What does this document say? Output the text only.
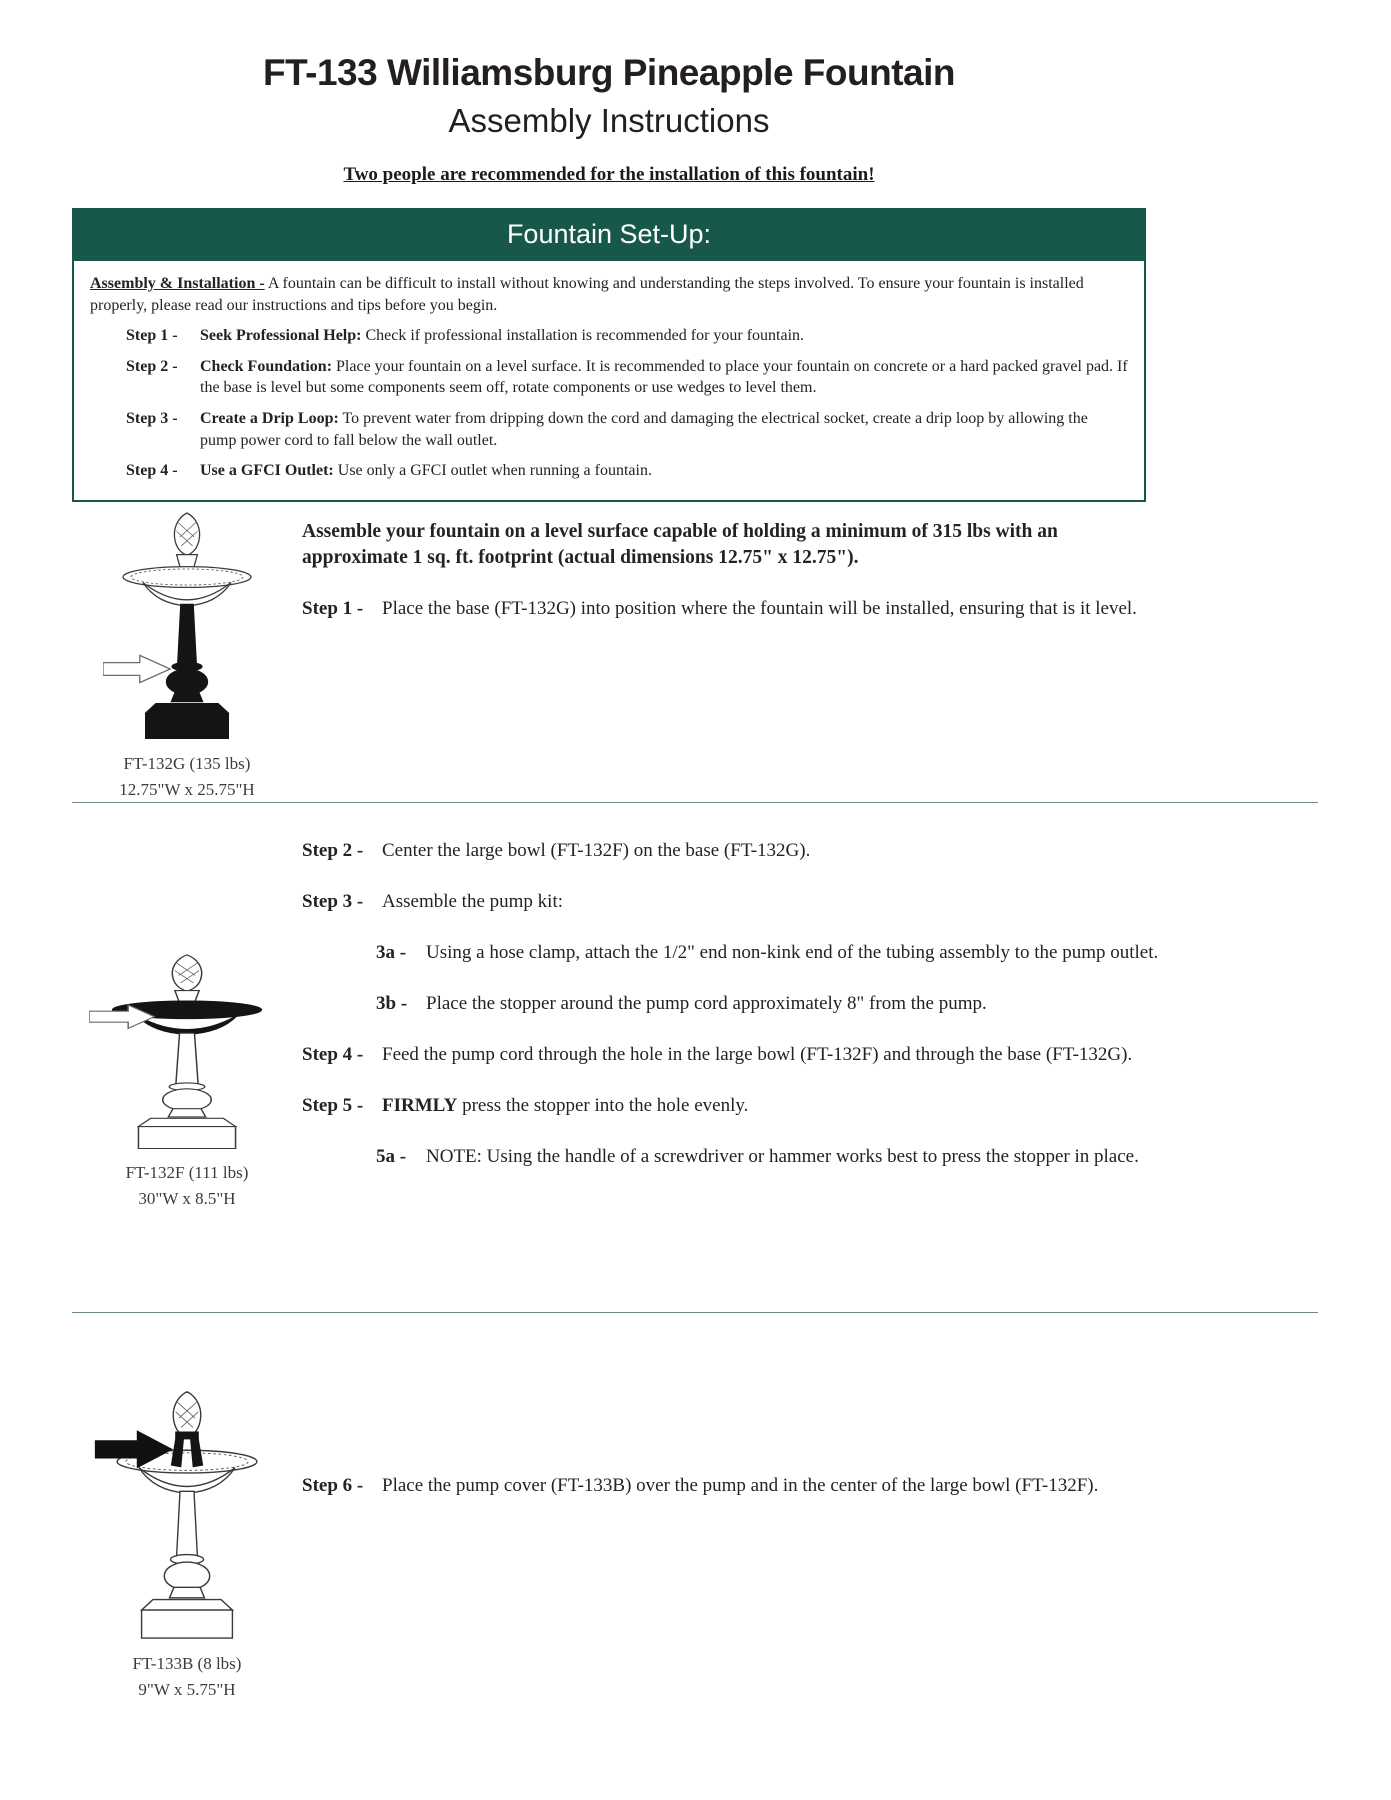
FT-133 Williamsburg Pineapple Fountain
Assembly Instructions

Two people are recommended for the installation of this fountain!

Fountain Set-Up:

Assembly & Installation - A fountain can be difficult to install without knowing and understanding the steps involved. To ensure your fountain is installed properly, please read our instructions and tips before you begin.

Step 1 -	Seek Professional Help: Check if professional installation is recommended for your fountain.

Step 2 -	Check Foundation: Place your fountain on a level surface. It is recommended to place your fountain on concrete or a hard packed gravel pad. If the base is level but some components seem off, rotate components or use wedges to level them.

Step 3 -	Create a Drip Loop: To prevent water from dripping down the cord and damaging the electrical socket, create a drip loop by allowing the pump power cord to fall below the wall outlet.

Step 4 -	Use a GFCI Outlet: Use only a GFCI outlet when running a fountain.

FT-132G (135 lbs)
12.75"W x 25.75"H

Assemble your fountain on a level surface capable of holding a minimum of 315 lbs with an approximate 1 sq. ft. footprint (actual dimensions 12.75" x 12.75").

Step 1 - Place the base (FT-132G) into position where the fountain will be installed, ensuring that is it level.

FT-132F (111 lbs)
30"W x 8.5"H
Step 2 - Center the large bowl (FT-132F) on the base (FT-132G).

Step 3 - Assemble the pump kit:

3a -	Using a hose clamp, attach the 1/2" end non-kink end of the tubing assembly to the pump outlet.

3b - Place the stopper around the pump cord approximately 8" from the pump.

Step 4 - Feed the pump cord through the hole in the large bowl (FT-132F) and through the base (FT-132G).

Step 5 - FIRMLY press the stopper into the hole evenly.

5a -	NOTE: Using the handle of a screwdriver or hammer works best to press the stopper in place.

FT-133B (8 lbs)
9"W x 5.75"H
Step 6 - Place the pump cover (FT-133B) over the pump and in the center of the large bowl (FT-132F).
